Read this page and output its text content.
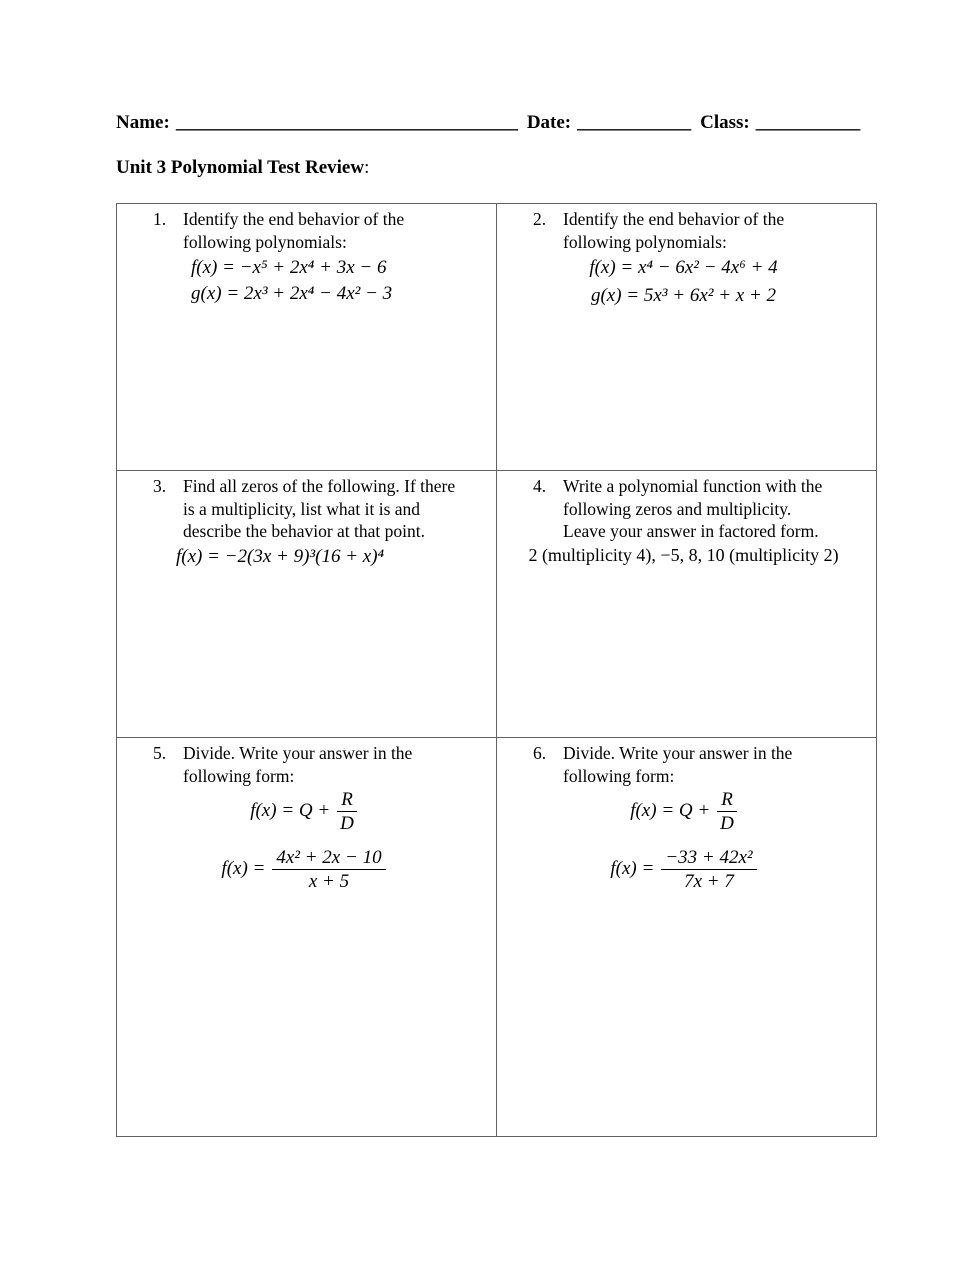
Name: ____________________________________ Date: ____________ Class: ___________
Unit 3 Polynomial Test Review:
1. Identify the end behavior of the
following polynomials:
f(x) = −x⁵ + 2x⁴ + 3x − 6
g(x) = 2x³ + 2x⁴ − 4x² − 3

2. Identify the end behavior of the
following polynomials:
f(x) = x⁴ − 6x² − 4x⁶ + 4
g(x) = 5x³ + 6x² + x + 2

3. Find all zeros of the following. If there
is a multiplicity, list what it is and
describe the behavior at that point.
f(x) = −2(3x + 9)³(16 + x)⁴

4. Write a polynomial function with the
following zeros and multiplicity.
Leave your answer in factored form.
2 (multiplicity 4), −5, 8, 10 (multiplicity 2)

5. Divide. Write your answer in the
following form:
$f(x) = Q + \frac{R}{D}$
$f(x) = \frac{\text{4x² + 2x − 10}}{x + 5}$

6. Divide. Write your answer in the
following form:
$f(x) = Q + \frac{R}{D}$
$f(x) = \frac{\text{−33 + 42x²}}{7x + 7}$
